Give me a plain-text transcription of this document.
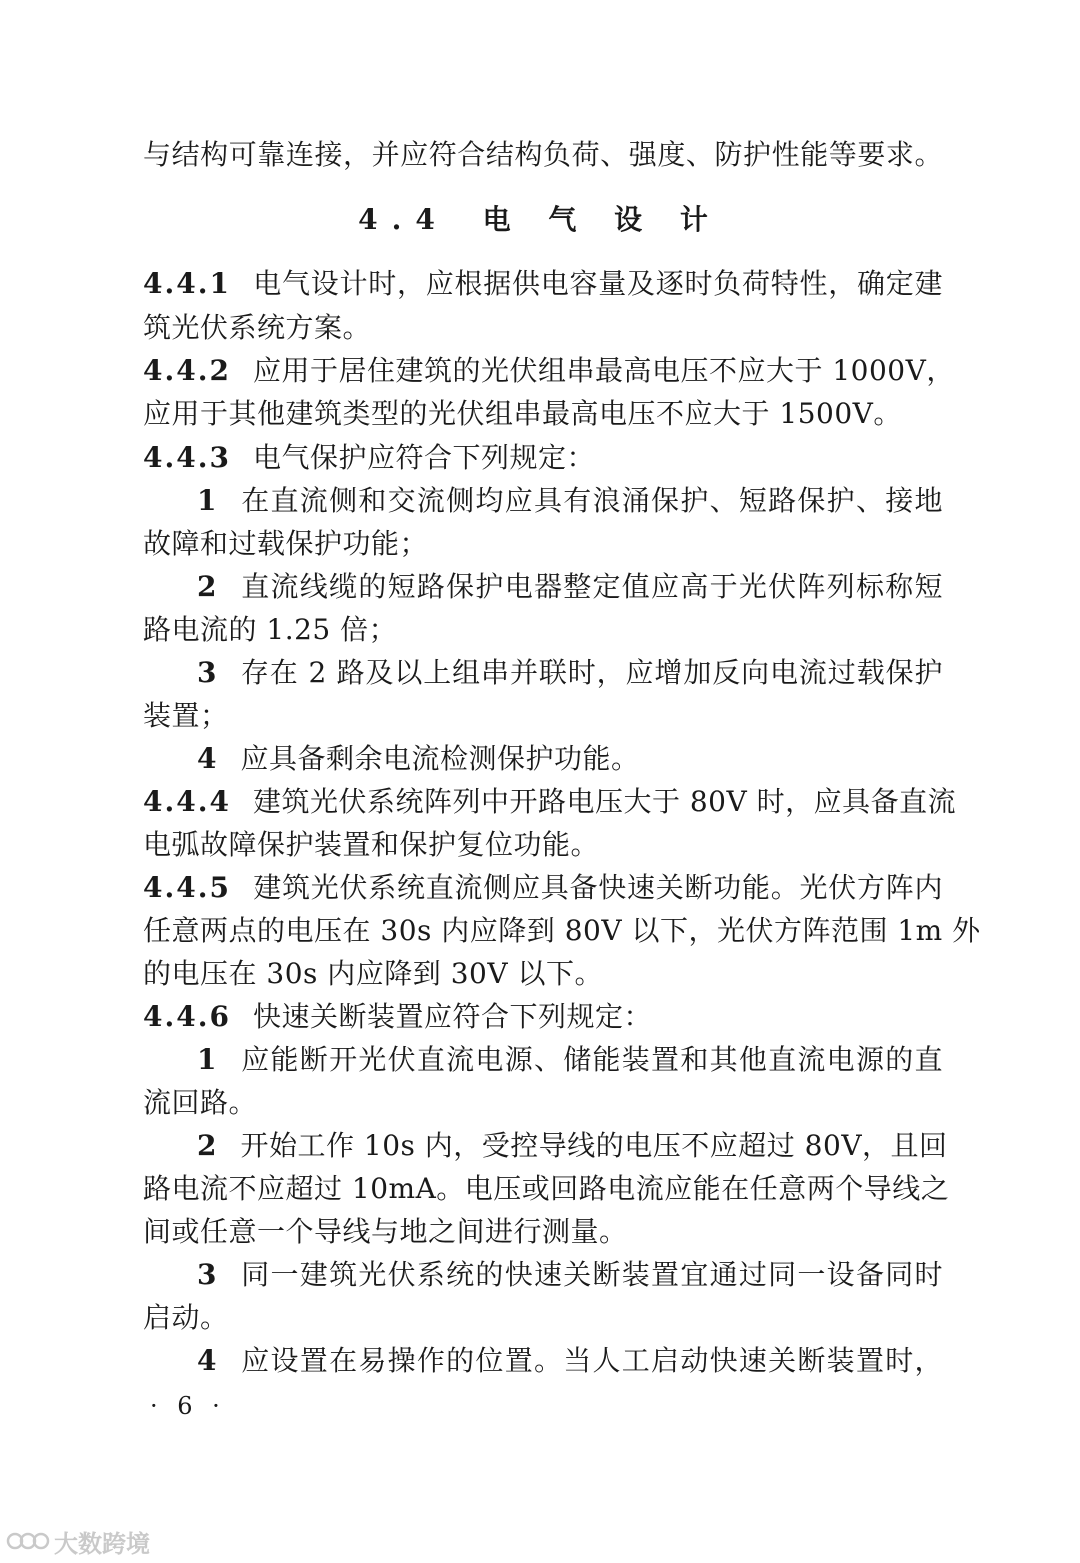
与结构可靠连接，并应符合结构负荷、强度、防护性能等要求。
4.4 电 气 设 计
4.4.1 电气设计时，应根据供电容量及逐时负荷特性，确定建
筑光伏系统方案。
4.4.2 应用于居住建筑的光伏组串最高电压不应大于 1000V，
应用于其他建筑类型的光伏组串最高电压不应大于 1500V。
4.4.3 电气保护应符合下列规定：
1 在直流侧和交流侧均应具有浪涌保护、短路保护、接地
故障和过载保护功能；
2 直流线缆的短路保护电器整定值应高于光伏阵列标称短
路电流的 1.25 倍；
3 存在 2 路及以上组串并联时，应增加反向电流过载保护
装置；
4 应具备剩余电流检测保护功能。
4.4.4 建筑光伏系统阵列中开路电压大于 80V 时，应具备直流
电弧故障保护装置和保护复位功能。
4.4.5 建筑光伏系统直流侧应具备快速关断功能。光伏方阵内
任意两点的电压在 30s 内应降到 80V 以下，光伏方阵范围 1m 外
的电压在 30s 内应降到 30V 以下。
4.4.6 快速关断装置应符合下列规定：
1 应能断开光伏直流电源、储能装置和其他直流电源的直
流回路。
2 开始工作 10s 内，受控导线的电压不应超过 80V，且回
路电流不应超过 10mA。电压或回路电流应能在任意两个导线之
间或任意一个导线与地之间进行测量。
3 同一建筑光伏系统的快速关断装置宜通过同一设备同时
启动。
4 应设置在易操作的位置。当人工启动快速关断装置时，
· 6 ·
大数跨境
